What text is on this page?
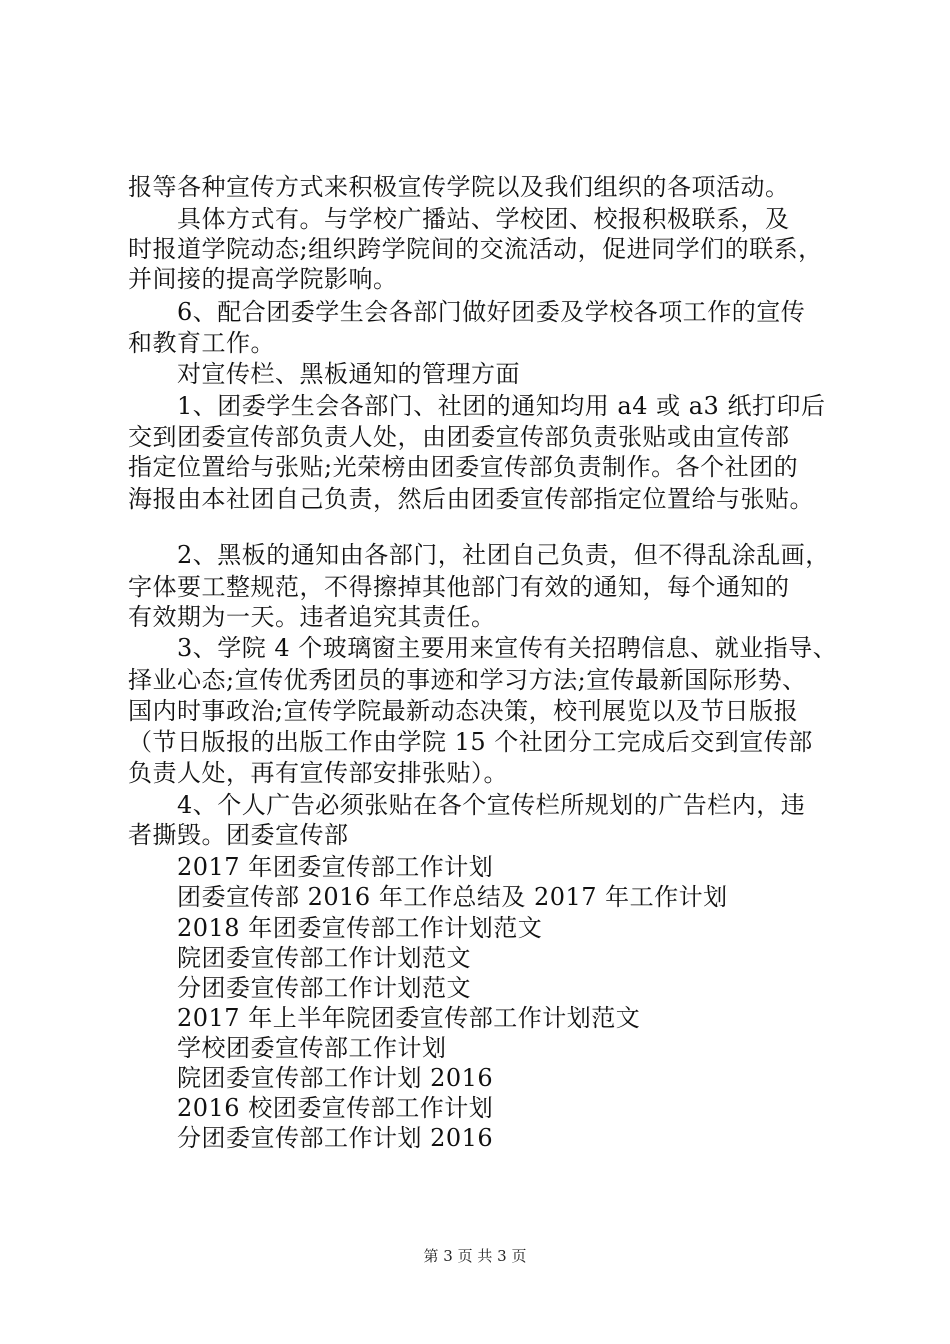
报等各种宣传方式来积极宣传学院以及我们组织的各项活动。
具体方式有。与学校广播站、学校团、校报积极联系，及
时报道学院动态;组织跨学院间的交流活动，促进同学们的联系，
并间接的提高学院影响。
6、配合团委学生会各部门做好团委及学校各项工作的宣传
和教育工作。
对宣传栏、黑板通知的管理方面
1、团委学生会各部门、社团的通知均用 a4 或 a3 纸打印后
交到团委宣传部负责人处，由团委宣传部负责张贴或由宣传部
指定位置给与张贴;光荣榜由团委宣传部负责制作。各个社团的
海报由本社团自己负责，然后由团委宣传部指定位置给与张贴。
2、黑板的通知由各部门，社团自己负责，但不得乱涂乱画，
字体要工整规范，不得擦掉其他部门有效的通知，每个通知的
有效期为一天。违者追究其责任。
3、学院 4 个玻璃窗主要用来宣传有关招聘信息、就业指导、
择业心态;宣传优秀团员的事迹和学习方法;宣传最新国际形势、
国内时事政治;宣传学院最新动态决策，校刊展览以及节日版报
（节日版报的出版工作由学院 15 个社团分工完成后交到宣传部
负责人处，再有宣传部安排张贴）。
4、个人广告必须张贴在各个宣传栏所规划的广告栏内，违
者撕毁。团委宣传部
2017 年团委宣传部工作计划
团委宣传部 2016 年工作总结及 2017 年工作计划
2018 年团委宣传部工作计划范文
院团委宣传部工作计划范文
分团委宣传部工作计划范文
2017 年上半年院团委宣传部工作计划范文
学校团委宣传部工作计划
院团委宣传部工作计划 2016
2016 校团委宣传部工作计划
分团委宣传部工作计划 2016
第 3 页 共 3 页
